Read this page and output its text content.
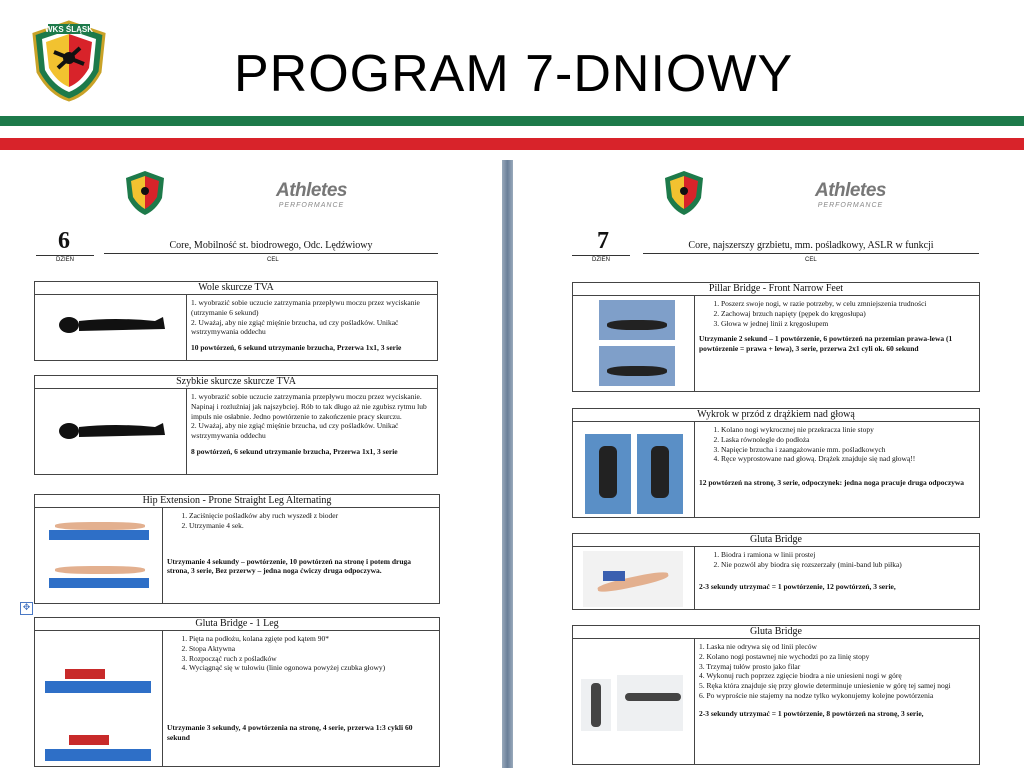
WKS ŚLĄSK
PROGRAM 7-DNIOWY
Athletes
PERFORMANCE
6
DZIEŃ
Core, Mobilność st. biodrowego, Odc. Lędźwiowy
CEL
Wole skurcze TVA

1. wyobrazić sobie uczucie zatrzymania przepływu moczu przez wyciskanie (utrzymanie 6 sekund)

2. Uważaj, aby nie zgiąć mięśnie brzucha, ud czy pośladków. Unikać wstrzymywania oddechu

10 powtórzeń, 6 sekund utrzymanie brzucha, Przerwa 1x1, 3 serie

Szybkie skurcze skurcze TVA

1. wyobrazić sobie uczucie zatrzymania przepływu moczu przez wyciskanie. Napinaj i rozluźniaj jak najszybciej. Rób to tak długo aż nie zgubisz rytmu lub impuls nie osłabnie. Jedno powtórzenie to zakończenie pracy skurczu.

2. Uważaj, aby nie zgiąć mięśnie brzucha, ud czy pośladków. Unikać wstrzymywania oddechu

8 powtórzeń, 6 sekund utrzymanie brzucha, Przerwa 1x1, 3 serie

Hip Extension - Prone Straight Leg Alternating
1. Zaciśnięcie pośladków aby ruch wyszedł z bioder
2. Utrzymanie 4 sek.

Utrzymanie 4 sekundy – powtórzenie, 10 powtórzeń na stronę i potem druga strona, 3 serie, Bez przerwy – jedna noga ćwiczy druga odpoczywa.

Gluta Bridge - 1 Leg
1. Pięta na podłożu, kolana zgięte pod kątem 90*
2. Stopa Aktywna
3. Rozpocząć ruch z pośladków
4. Wyciągnąć się w tułowiu (linie ogonowa powyżej czubka głowy)

Utrzymanie 3 sekundy, 4 powtórzenia na stronę, 4 serie, przerwa 1:3 cykli 60 sekund

✥
Athletes
PERFORMANCE
7
DZIEŃ
Core, najszerszy grzbietu, mm. pośladkowy, ASLR w funkcji
CEL
Pillar Bridge - Front Narrow Feet
1. Poszerz swoje nogi, w razie potrzeby, w celu zmniejszenia trudności
2. Zachowaj brzuch napięty (pępek do kręgosłupa)
3. Głowa w jednej linii z kręgosłupem

Utrzymanie 2 sekund – 1 powtórzenie, 6 powtórzeń na przemian prawa-lewa (1 powtórzenie = prawa + lewa), 3 serie, przerwa 2x1 cyli ok. 60 sekund

Wykrok w przód z drążkiem nad głową
1. Kolano nogi wykrocznej nie przekracza linie stopy
2. Laska równolegle do podłoża
3. Napięcie brzucha i zaangażowanie mm. pośladkowych
4. Ręce wyprostowane nad głową. Drążek znajduje się nad głową!!

12 powtórzeń na stronę, 3 serie, odpoczynek: jedna noga pracuje druga odpoczywa

Gluta Bridge
1. Biodra i ramiona w linii prostej
2. Nie pozwól aby biodra się rozszerzały (mini-band lub piłka)

2-3 sekundy utrzymać = 1 powtórzenie, 12 powtórzeń, 3 serie,

Gluta Bridge

1. Laska nie odrywa się od linii pleców

2. Kolano nogi postawnej nie wychodzi po za linię stopy

3. Trzymaj tułów prosto jako filar

4. Wykonuj ruch poprzez zgięcie biodra a nie uniesieni nogi w górę

5. Ręka która znajduje się przy głowie determinuje uniesienie w górę tej samej nogi

6. Po wyproście nie stajemy na nodze tylko wykonujemy kolejne powtórzenia

2-3 sekundy utrzymać = 1 powtórzenie, 8 powtórzeń na stronę, 3 serie,
